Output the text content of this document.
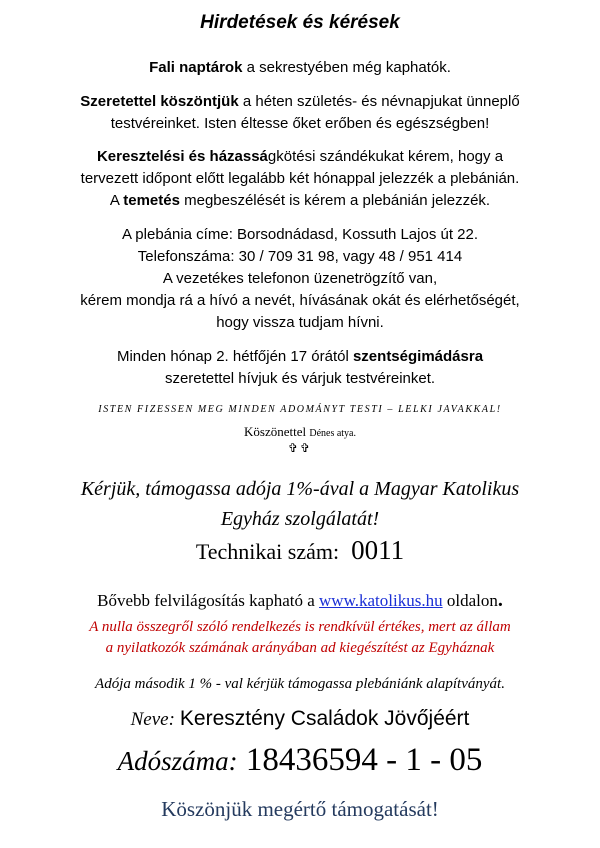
Hirdetések és kérések
Fali naptárok a sekrestyében még kaphatók.
Szeretettel köszöntjük a héten születés- és névnapjukat ünneplő
testvéreinket. Isten éltesse őket erőben és egészségben!
Keresztelési és házasságkötési szándékukat kérem, hogy a
tervezett időpont előtt legalább két hónappal jelezzék a plebánián.
A temetés megbeszélését is kérem a plebánián jelezzék.
A plebánia címe: Borsodnádasd, Kossuth Lajos út 22.
Telefonszáma: 30 / 709 31 98, vagy 48 / 951 414
A vezetékes telefonon üzenetrögzítő van,
kérem mondja rá a hívó a nevét, hívásának okát és elérhetőségét,
hogy vissza tudjam hívni.
Minden hónap 2. hétfőjén 17 órától szentségimádásra
szeretettel hívjuk és várjuk testvéreinket.
ISTEN FIZESSEN MEG MINDEN ADOMÁNYT TESTI – LELKI JAVAKKAL!
Köszönettel Dénes atya.
✞✞
Kérjük, támogassa adója 1%-ával a Magyar Katolikus
Egyház szolgálatát!
Technikai szám: 0011
Bővebb felvilágosítás kapható a www.katolikus.hu oldalon.
A nulla összegről szóló rendelkezés is rendkívül értékes, mert az állam
a nyilatkozók számának arányában ad kiegészítést az Egyháznak
Adója második 1 % - val kérjük támogassa plebániánk alapítványát.
Neve: Keresztény Családok Jövőjéért
Adószáma: 18436594 - 1 - 05
Köszönjük megértő támogatását!
